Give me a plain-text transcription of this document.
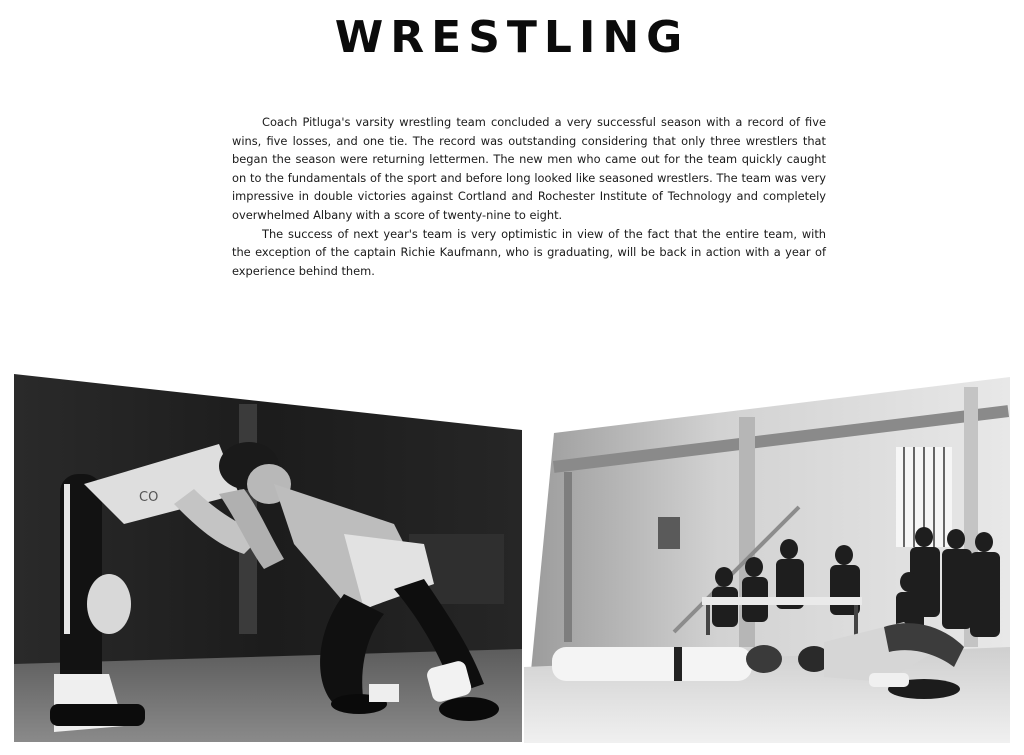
WRESTLING

Coach Pitluga's varsity wrestling team concluded a very successful season with a record of five wins, five losses, and one tie. The record was outstanding considering that only three wrestlers that began the season were returning lettermen. The new men who came out for the team quickly caught on to the fundamentals of the sport and before long looked like seasoned wrestlers. The team was very impressive in double victories against Cortland and Rochester Institute of Technology and completely overwhelmed Albany with a score of twenty-nine to eight.

The success of next year's team is very optimistic in view of the fact that the entire team, with the exception of the captain Richie Kaufmann, who is graduating, will be back in action with a year of experience behind them.

CO
